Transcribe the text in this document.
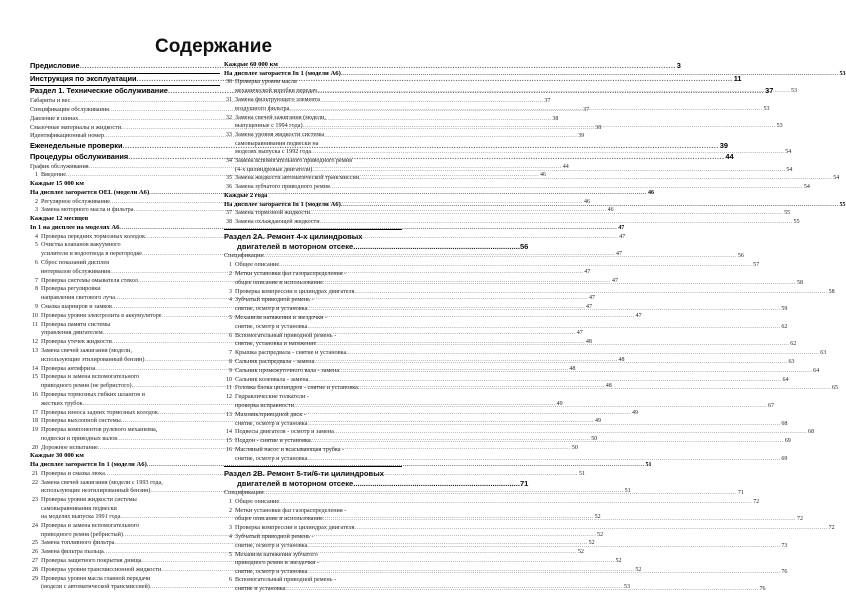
Содержание
Предисловие .....	3
Инструкция по эксплуатации .....	11
Раздел 1. Технические обслуживание .....	37
Габариты и вес .....	37
Спецификации обслуживания .....	37
Давление в шинах .....	38
Смазочные материалы и жидкости .....	38
Идентификационный номер .....	39
Еженедельные проверки .....	39
Процедуры обслуживания .....	44
График обслуживания .....	44
1 Введение .....	46
Каждые 15 000 км
На дисплее загорается OEL (модели А6) .....	46
2 Регулярное обслуживание .....	46
3 Замена моторного масла и фильтра .....	46
Каждые 12 месяцев
In 1 на дисплее на моделях А6 .....	47
4 Проверка передних тормозных колодок .....	47
5 Очистка клапанов вакуумного
усилителя и водоотвода в перегородке .....	47
6 Сброс показаний дисплея
интервалов обслуживания .....	47
7 Проверка системы омывателя стекол .....	47
8 Проверка регулировки
направления светового луча .....	47
9 Смазка шарниров и замков .....	47
10 Проверка уровня электролита в аккумуляторе .....	47
11 Проверка памяти системы
управления двигателем .....	47
12 Проверка утечек жидкости .....	48
13 Замена свечей зажигания (модели,
использующие этилированный бензин) .....	48
14 Проверка антифриза .....	48
15 Проверка и замена вспомогательного
приводного ремня (не ребристого) .....	48
16 Проверка тормозных гибких шлангов и
жестких трубок .....	49
17 Проверка износа задних тормозных колодок .....	49
18 Проверка выхлопной системы .....	49
19 Проверка компонентов рулевого механизма,
подвески и приводных валов .....	50
20 Дорожное испытание .....	50
Каждые 30 000 км
На дисплее загорается In 1 (модели А6) .....	51
21 Проверка и смазка люка .....	51
22 Замена свечей зажигания (модели с 1993 года,
использующие неэтилированный бензин) .....	51
23 Проверка уровня жидкости системы
самовыравнивания подвески
на моделях выпуска 1991 года .....	52
24 Проверка и замена вспомогательного
приводного ремня (ребристый) .....	52
25 Замена топливного фильтра .....	52
26 Замена фильтра пыльца .....	52
27 Проверка защитного покрытия днища .....	52
28 Проверка уровня трансмиссионной жидкости .....	52
29 Проверка уровня масла главной передачи
(модели с автоматической трансмиссией) .....	53
Каждые 60 000 км
На дисплее загорается In 1 (модели А6) .....	53
30 Проверка уровня масла
механической коробки передач .....	53
31 Замена фильтрующего элемента
воздушного фильтра .....	53
32 Замена свечей зажигания (модели,
выпущенные с 1994 года) .....	53
33 Замена уровня жидкости системы
самовыравнивания подвески на
моделях выпуска с 1992 года .....	54
34 Замена вспомогательного приводного ремня
(4-х цилиндровые двигатели) .....	54
35 Замена жидкости автоматической трансмиссии .....	54
36 Замена зубчатого приводного ремня .....	54
Каждые 2 года
На дисплее загорается In 1 (модели А6) .....	55
37 Замена тормозной жидкости .....	55
38 Замена охлаждающей жидкости .....	55
Раздел 2А. Ремонт 4-х цилиндровых
двигателей в моторном отсеке .....	56
Спецификации .....	56
1 Общее описание .....	57
2 Метки установки фаз газораспределения -
общее описание и использование .....	58
3 Проверка компрессии в цилиндрах двигателя .....	58
4 Зубчатый приводной ремень -
снятие, осмотр и установка .....	59
5 Механизм натяжения и звездочки -
снятие, осмотр и установка .....	62
6 Вспомогательный приводной ремень -
снятие, установка и натяжение .....	62
7 Крышка распредвала - снятие и установка .....	63
8 Сальник распредвала - замена .....	63
9 Сальник промежуточного вала - замена .....	64
10 Сальник коленвала - замена .....	64
11 Головка блока цилиндров - снятие и установка .....	65
12 Гидравлические толкатели -
проверка исправности .....	67
13 Маховик/приводной диск -
снятие, осмотр и установка .....	68
14 Подвесы двигателя - осмотр и замена .....	68
15 Поддон - снятие и установка .....	69
16 Масляный насос и всасывающая трубка -
снятие, осмотр и установка .....	69
Раздел 2В. Ремонт 5-ти/6-ти цилиндровых
двигателей в моторном отсеке .....	71
Спецификации .....	71
1 Общее описание .....	72
2 Метки установки фаз газораспределения -
общее описание и использование .....	72
3 Проверка компрессии в цилиндрах двигателя .....	72
4 Зубчатый приводной ремень -
снятие, осмотр и установка .....	73
5 Механизм натяжения зубчатого
приводного ремня и звездочки -
снятие, осмотр и установка .....	76
6 Вспомогательный приводной ремень -
снятие и установка .....	76
